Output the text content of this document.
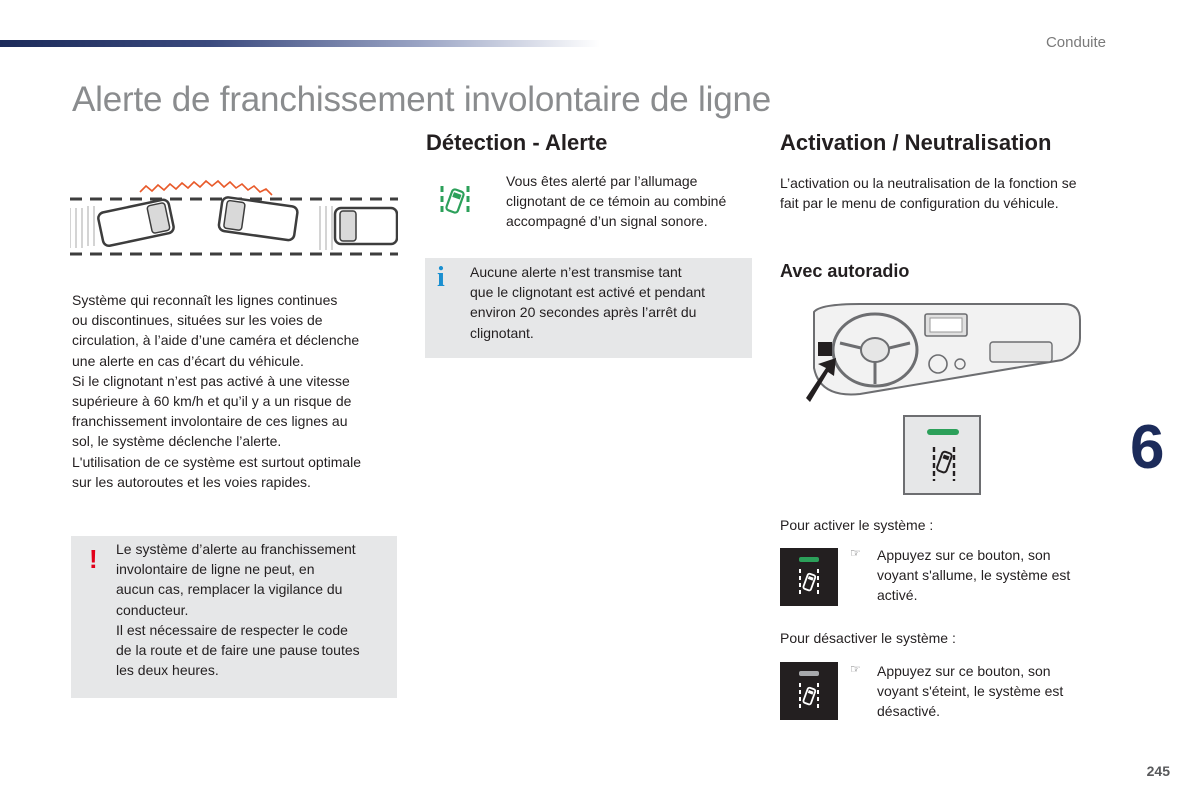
Conduite
Alerte de franchissement involontaire de ligne
Système qui reconnaît les lignes continues
ou discontinues, situées sur les voies de
circulation, à l’aide d’une caméra et déclenche
une alerte en cas d’écart du véhicule.
Si le clignotant n’est pas activé à une vitesse
supérieure à 60 km/h et qu’il y a un risque de
franchissement involontaire de ces lignes au
sol, le système déclenche l’alerte.
L'utilisation de ce système est surtout optimale
sur les autoroutes et les voies rapides.
! Le système d’alerte au franchissement
involontaire de ligne ne peut, en
aucun cas, remplacer la vigilance du
conducteur.
Il est nécessaire de respecter le code
de la route et de faire une pause toutes
les deux heures.
Détection - Alerte
Vous êtes alerté par l’allumage
clignotant de ce témoin au combiné
accompagné d’un signal sonore.
i Aucune alerte n’est transmise tant
que le clignotant est activé et pendant
environ 20 secondes après l’arrêt du
clignotant.
Activation / Neutralisation
L’activation ou la neutralisation de la fonction se
fait par le menu de configuration du véhicule.
Avec autoradio
Pour activer le système :
☞ Appuyez sur ce bouton, son
voyant s'allume, le système est
activé.
Pour désactiver le système :
☞ Appuyez sur ce bouton, son
voyant s'éteint, le système est
désactivé.
6
245
